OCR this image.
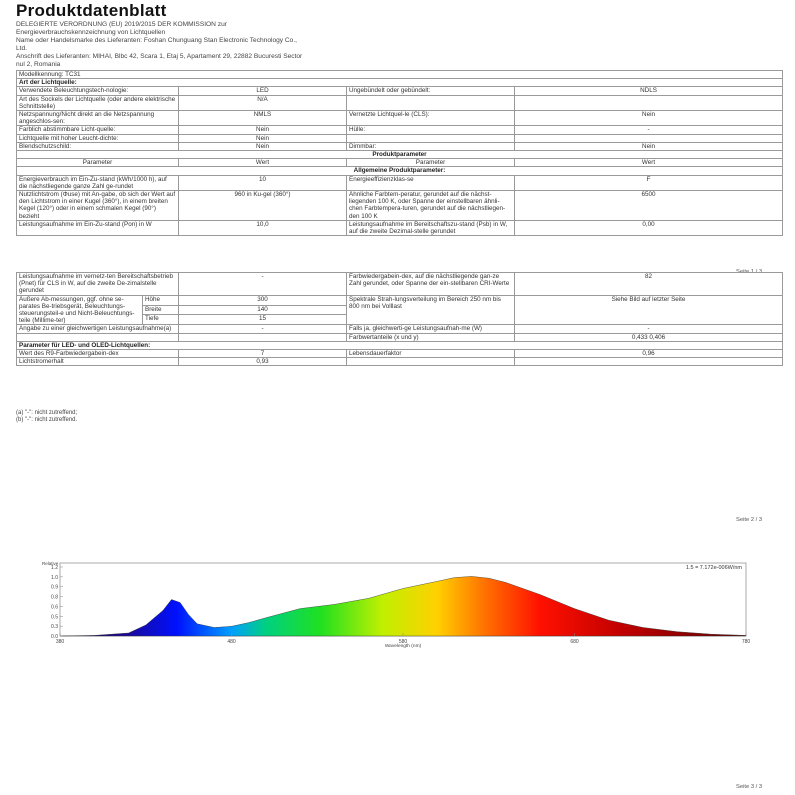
Produktdatenblatt
DELEGIERTE VERORDNUNG (EU) 2019/2015 DER KOMMISSION zur
Energieverbrauchskennzeichnung von Lichtquellen
Name oder Handelsmarke des Lieferanten: Foshan Chunguang Stan Electronic Technology Co.,
Ltd.
Anschrift des Lieferanten: MIHAI, Blbc 42, Scara 1, Etaj 5, Apartament 29, 22882 Bucuresti Sector
nul 2, Romania
Modellkennung: TC31			
Art der Lichtquelle:			
Verwendete Beleuchtungstech-nologie:	LED	Ungebündelt oder gebündelt:	NDLS
Art des Sockels der Lichtquelle (oder andere elektrische Schnittstelle)	N/A		
Netzspannung/Nicht direkt an die Netzspannung angeschlos-sen:	NMLS	Vernetzte Lichtquel-le (CLS):	Nein
Farblich abstimmbare Licht-quelle:	Nein	Hülle:	-
Lichtquelle mit hoher Leucht-dichte:	Nein		
Blendschutzschild:	Nein	Dimmbar:	Nein
Produktparameter			
Parameter	Wert	Parameter	Wert
Allgemeine Produktparameter:			
Energieverbrauch im Ein-Zu-stand (kWh/1000 h), auf die nächstliegende ganze Zahl ge-rundet	10	Energieeffizienzklas-se	F
Nutzlichtstrom (Φuse) mit An-gabe, ob sich der Wert auf den Lichtstrom in einer Kugel (360°), in einem breiten Kegel (120°) oder in einem schmalen Kegel (90°) bezieht	960 in Ku-gel (360°)	Ähnliche Farbtem-peratur, gerundet auf die nächst-liegenden 100 K, oder Spanne der einstellbaren ähnli-chen Farbtempera-turen, gerundet auf die nächstliegen-den 100 K	6500
Leistungsaufnahme im Ein-Zu-stand (Pon) in W	10,0	Leistungsaufnahme im Bereitschaftszu-stand (Psb) in W, auf die zweite Dezimal-stelle gerundet	0,00
Seite 1 / 3
Leistungsaufnahme im vernetz-ten Bereitschaftsbetrieb (Pnet) für CLS in W, auf die zweite De-zimalstelle gerundet		-	Farbwiedergabein-dex, auf die nächstliegende gan-ze Zahl gerundet, oder Spanne der ein-stellbaren CRI-Werte	82
Äußere Ab-messungen, ggf. ohne se-parates Be-triebsgerät, Beleuchtungs-steuerungsteil-e und Nicht-Beleuchtungs-teile (Millime-ter)	Höhe	300	Spektrale Strah-lungsverteilung im Bereich 250 nm bis 800 nm bei Volllast	Siehe Bild auf letzter Seite
	Breite	140		
	Tiefe	15		
Angabe zu einer gleichwertigen Leistungsaufnahme(a)		-	Falls ja, gleichwerti-ge Leistungsaufnah-me (W)	-
			Farbwertanteile (x und y)	0,433 0,406
Parameter für LED- und OLED-Lichtquellen:				
Wert des R9-Farbwiedergabein-dex		7	Lebensdauerfaktor	0,96
Lichtstromerhalt		0,93		
(a) "-": nicht zutreffend;
(b) "-": nicht zutreffend.
Seite 2 / 3
1.2
1.0
0.9
0.8
0.6
0.5
0.3
0.0
380	480	580	680	780
1.5 = 7.172e-006W/nm
Relative
Wavelength (nm)
Seite 3 / 3
